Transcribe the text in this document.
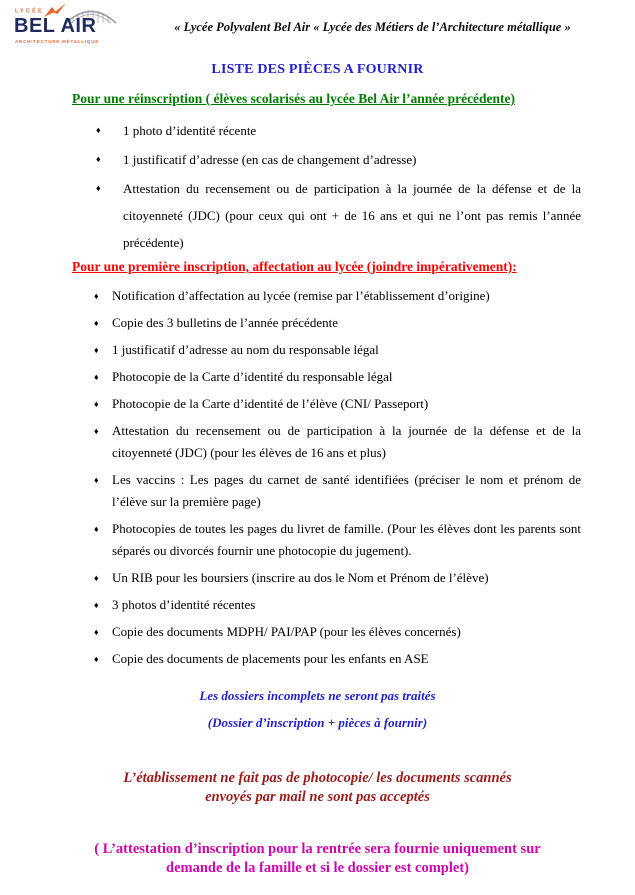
LYCÉE
BEL AIR
ARCHITECTURE MÉTALLIQUE
« Lycée Polyvalent Bel Air « Lycée des Métiers de l’Architecture métallique »
LISTE DES PIÈCES A FOURNIR
Pour une réinscription ( élèves scolarisés au lycée Bel Air l’année précédente)
♦ 1 photo d’identité récente
♦ 1 justificatif d’adresse (en cas de changement d’adresse)
♦ Attestation du recensement ou de participation à la journée de la défense et de la citoyenneté (JDC) (pour ceux qui ont + de 16 ans et qui ne l’ont pas remis l’année précédente)
Pour une première inscription, affectation au lycée (joindre impérativement):
♦ Notification d’affectation au lycée (remise par l’établissement d’origine)
♦ Copie des 3 bulletins de l’année précédente
♦ 1 justificatif d’adresse au nom du responsable légal
♦ Photocopie de la Carte d’identité du responsable légal
♦ Photocopie de la Carte d’identité de l’élève (CNI/ Passeport)
♦ Attestation du recensement ou de participation à la journée de la défense et de la citoyenneté (JDC) (pour les élèves de 16 ans et plus)
♦ Les vaccins : Les pages du carnet de santé identifiées (préciser le nom et prénom de l’élève sur la première page)
♦ Photocopies de toutes les pages du livret de famille. (Pour les élèves dont les parents sont séparés ou divorcés fournir une photocopie du jugement).
♦ Un RIB pour les boursiers (inscrire au dos le Nom et Prénom de l’élève)
♦ 3 photos d’identité récentes
♦ Copie des documents MDPH/ PAI/PAP (pour les élèves concernés)
♦ Copie des documents de placements pour les enfants en ASE
Les dossiers incomplets ne seront pas traités
(Dossier d’inscription + pièces à fournir)
L’établissement ne fait pas de photocopie/ les documents scannés
envoyés par mail ne sont pas acceptés
( L’attestation d’inscription pour la rentrée sera fournie uniquement sur
demande de la famille et si le dossier est complet)
